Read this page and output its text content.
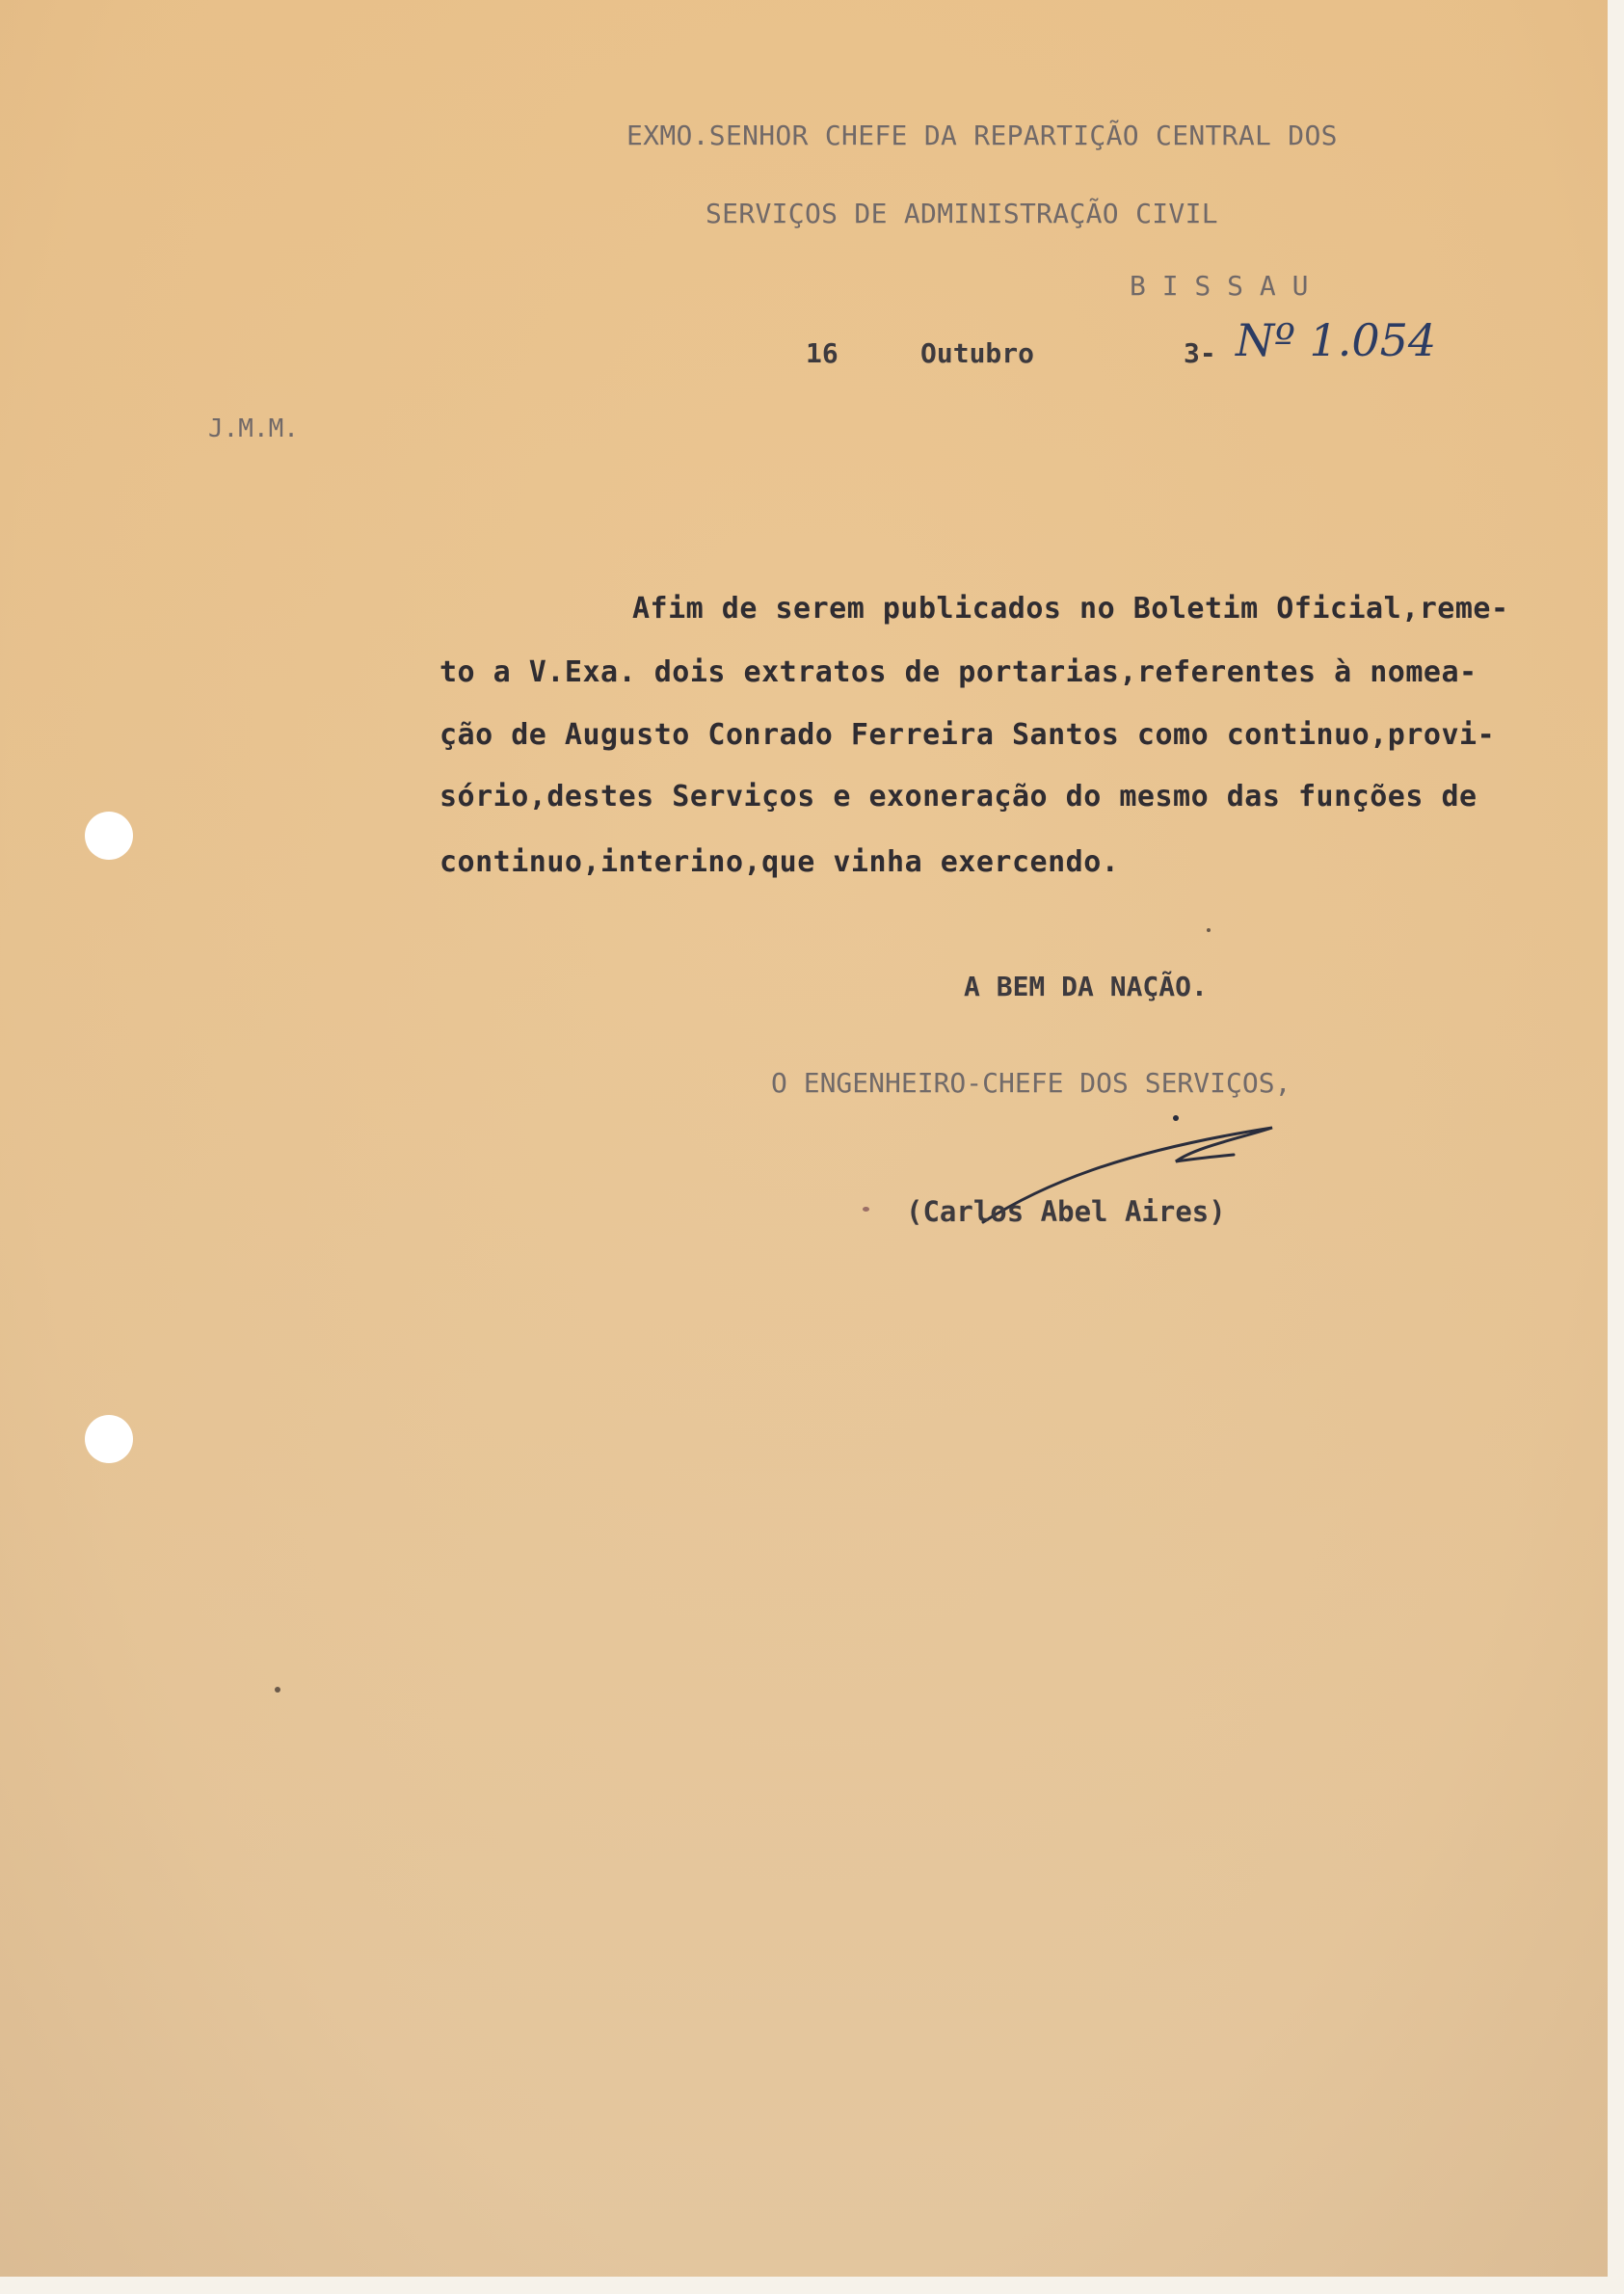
EXMO.SENHOR CHEFE DA REPARTIÇÃO CENTRAL DOS
SERVIÇOS DE ADMINISTRAÇÃO CIVIL
B I S S A U
16	Outubro	3- Nº 1.054
J.M.M.
Afim de serem publicados no Boletim Oficial,reme-
to a V.Exa. dois extratos de portarias,referentes à nomea-
ção de Augusto Conrado Ferreira Santos como continuo,provi-
sório,destes Serviços e exoneração do mesmo das funções de
continuo,interino,que vinha exercendo.
A BEM DA NAÇÃO.
O ENGENHEIRO-CHEFE DOS SERVIÇOS,
(Carlos Abel Aires)
